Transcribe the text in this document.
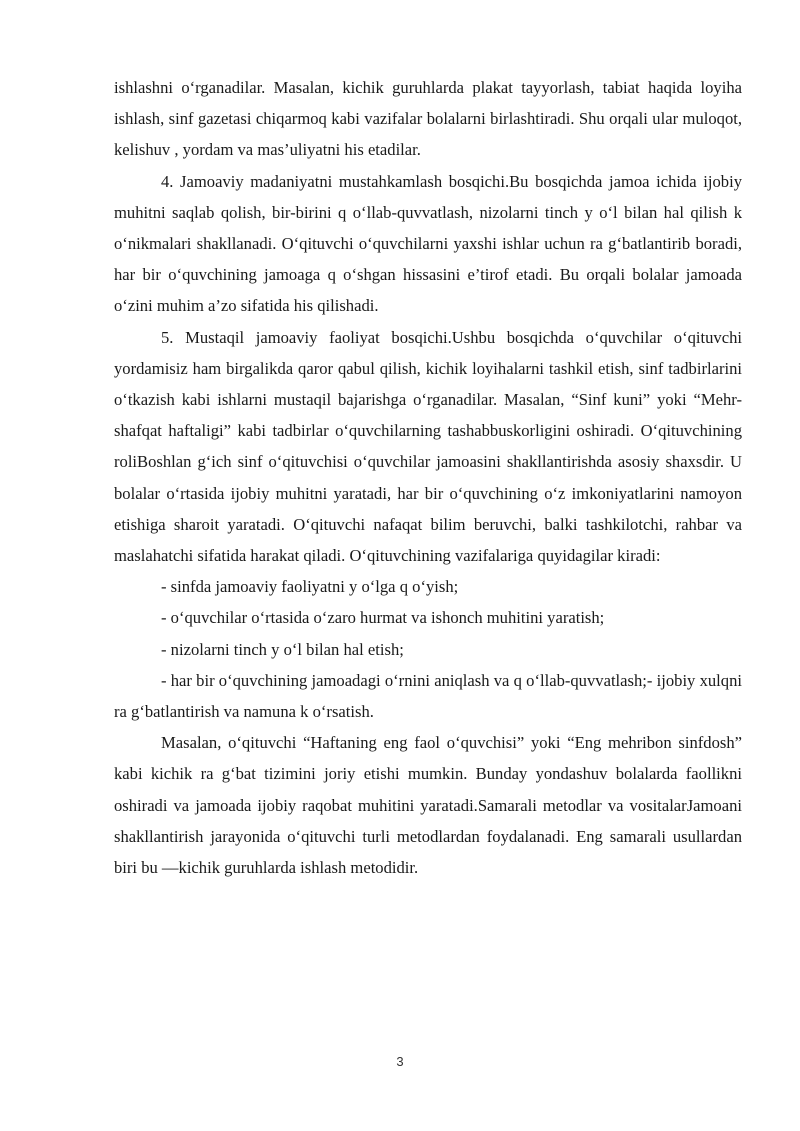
ishlashni o‘rganadilar. Masalan, kichik guruhlarda plakat tayyorlash, tabiat haqida loyiha ishlash, sinf gazetasi chiqarmoq kabi vazifalar bolalarni birlashtiradi. Shu orqali ular muloqot, kelishuv , yordam va mas’uliyatni his etadilar.

4. Jamoaviy madaniyatni mustahkamlash bosqichi.Bu bosqichda jamoa ichida ijobiy muhitni saqlab qolish, bir-birini q o‘llab-quvvatlash, nizolarni tinch y o‘l bilan hal qilish k o‘nikmalari shakllanadi. O‘qituvchi o‘quvchilarni yaxshi ishlar uchun ra g‘batlantirib boradi, har bir o‘quvchining jamoaga q o‘shgan hissasini e’tirof etadi. Bu orqali bolalar jamoada o‘zini muhim a’zo sifatida his qilishadi.

5. Mustaqil jamoaviy faoliyat bosqichi.Ushbu bosqichda o‘quvchilar o‘qituvchi yordamisiz ham birgalikda qaror qabul qilish, kichik loyihalarni tashkil etish, sinf tadbirlarini o‘tkazish kabi ishlarni mustaqil bajarishga o‘rganadilar. Masalan, “Sinf kuni” yoki “Mehr-shafqat haftaligi” kabi tadbirlar o‘quvchilarning tashabbuskorligini oshiradi. O‘qituvchining roliBoshlan g‘ich sinf o‘qituvchisi o‘quvchilar jamoasini shakllantirishda asosiy shaxsdir. U bolalar o‘rtasida ijobiy muhitni yaratadi, har bir o‘quvchining o‘z imkoniyatlarini namoyon etishiga sharoit yaratadi. O‘qituvchi nafaqat bilim beruvchi, balki tashkilotchi, rahbar va maslahatchi sifatida harakat qiladi. O‘qituvchining vazifalariga quyidagilar kiradi:

- sinfda jamoaviy faoliyatni y o‘lga q o‘yish;

- o‘quvchilar o‘rtasida o‘zaro hurmat va ishonch muhitini yaratish;

- nizolarni tinch y o‘l bilan hal etish;

- har bir o‘quvchining jamoadagi o‘rnini aniqlash va q o‘llab-quvvatlash;- ijobiy xulqni ra g‘batlantirish va namuna k o‘rsatish.

Masalan, o‘qituvchi “Haftaning eng faol o‘quvchisi” yoki “Eng mehribon sinfdosh” kabi kichik ra g‘bat tizimini joriy etishi mumkin. Bunday yondashuv bolalarda faollikni oshiradi va jamoada ijobiy raqobat muhitini yaratadi.Samarali metodlar va vositalarJamoani shakllantirish jarayonida o‘qituvchi turli metodlardan foydalanadi. Eng samarali usullardan biri bu —kichik guruhlarda ishlash metodidir.

3
